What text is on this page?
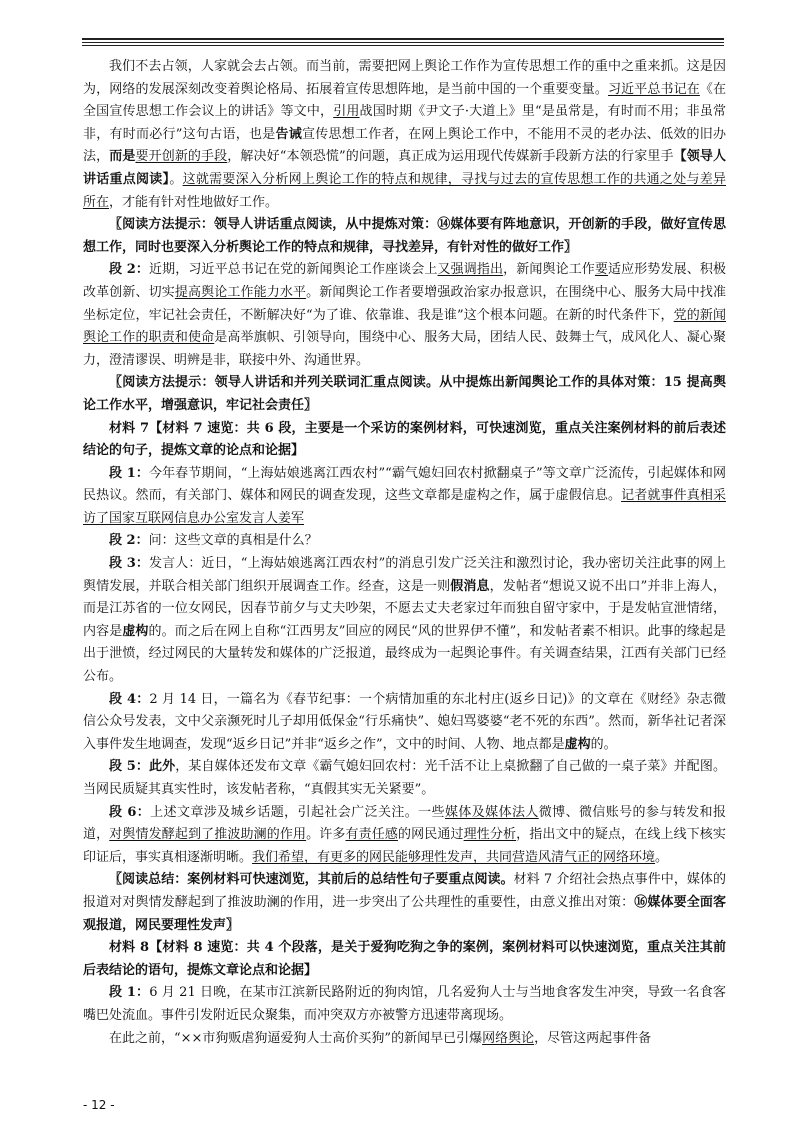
我们不去占领，人家就会去占领。而当前，需要把网上舆论工作作为宣传思想工作的重中之重来抓。这是因为，网络的发展深刻改变着舆论格局、拓展着宣传思想阵地，是当前中国的一个重要变量。习近平总书记在《在全国宣传思想工作会议上的讲话》等文中，引用战国时期《尹文子·大道上》里“是虽常是，有时而不用；非虽常非，有时而必行”这句古语，也是告诫宣传思想工作者，在网上舆论工作中，不能用不灵的老办法、低效的旧办法，而是要开创新的手段，解决好“本领恐慌”的问题，真正成为运用现代传媒新手段新方法的行家里手【领导人讲话重点阅读】。这就需要深入分析网上舆论工作的特点和规律，寻找与过去的宣传思想工作的共通之处与差异所在，才能有针对性地做好工作。

〖阅读方法提示：领导人讲话重点阅读，从中提炼对策：⑭媒体要有阵地意识，开创新的手段，做好宣传思想工作，同时也要深入分析舆论工作的特点和规律，寻找差异，有针对性的做好工作〗

段 2：近期，习近平总书记在党的新闻舆论工作座谈会上又强调指出，新闻舆论工作要适应形势发展、积极改革创新、切实提高舆论工作能力水平。新闻舆论工作者要增强政治家办报意识，在围绕中心、服务大局中找准坐标定位，牢记社会责任，不断解决好“为了谁、依靠谁、我是谁”这个根本问题。在新的时代条件下，党的新闻舆论工作的职责和使命是高举旗帜、引领导向，围绕中心、服务大局，团结人民、鼓舞士气，成风化人、凝心聚力，澄清谬误、明辨是非，联接中外、沟通世界。

〖阅读方法提示：领导人讲话和并列关联词汇重点阅读。从中提炼出新闻舆论工作的具体对策：15 提高舆论工作水平，增强意识，牢记社会责任〗

材料 7【材料 7 速览：共 6 段，主要是一个采访的案例材料，可快速浏览，重点关注案例材料的前后表述结论的句子，提炼文章的论点和论据】

段 1：今年春节期间，“上海姑娘逃离江西农村”“霸气媳妇回农村掀翻桌子”等文章广泛流传，引起媒体和网民热议。然而，有关部门、媒体和网民的调查发现，这些文章都是虚构之作，属于虚假信息。记者就事件真相采访了国家互联网信息办公室发言人姜军

段 2：问：这些文章的真相是什么？

段 3：发言人：近日，“上海姑娘逃离江西农村”的消息引发广泛关注和激烈讨论，我办密切关注此事的网上舆情发展，并联合相关部门组织开展调查工作。经查，这是一则假消息，发帖者“想说又说不出口”并非上海人，而是江苏省的一位女网民，因春节前夕与丈夫吵架，不愿去丈夫老家过年而独自留守家中，于是发帖宣泄情绪，内容是虚构的。而之后在网上自称“江西男友”回应的网民“风的世界伊不懂”，和发帖者素不相识。此事的缘起是出于泄愤，经过网民的大量转发和媒体的广泛报道，最终成为一起舆论事件。有关调查结果，江西有关部门已经公布。

段 4：2 月 14 日，一篇名为《春节纪事：一个病情加重的东北村庄(返乡日记)》的文章在《财经》杂志微信公众号发表，文中父亲濒死时儿子却用低保金“行乐痛快”、媳妇骂婆婆“老不死的东西”。然而，新华社记者深入事件发生地调查，发现“返乡日记”并非“返乡之作”，文中的时间、人物、地点都是虚构的。

段 5：此外，某自媒体还发布文章《霸气媳妇回农村：光千活不让上桌掀翻了自己做的一桌子菜》并配图。当网民质疑其真实性时，该发帖者称，“真假其实无关紧要”。

段 6：上述文章涉及城乡话题，引起社会广泛关注。一些媒体及媒体法人微博、微信账号的参与转发和报道，对舆情发酵起到了推波助澜的作用。许多有责任感的网民通过理性分析，指出文中的疑点，在线上线下核实印证后，事实真相逐渐明晰。我们希望，有更多的网民能够理性发声，共同营造风清气正的网络环境。

〖阅读总结：案例材料可快速浏览，其前后的总结性句子要重点阅读。材料 7 介绍社会热点事件中，媒体的报道对对舆情发酵起到了推波助澜的作用，进一步突出了公共理性的重要性，由意义推出对策：⑯媒体要全面客观报道，网民要理性发声〗

材料 8【材料 8 速览：共 4 个段落，是关于爱狗吃狗之争的案例，案例材料可以快速浏览，重点关注其前后表结论的语句，提炼文章论点和论据】

段 1：6 月 21 日晚，在某市江滨新民路附近的狗肉馆，几名爱狗人士与当地食客发生冲突，导致一名食客嘴巴处流血。事件引发附近民众聚集，而冲突双方亦被警方迅速带离现场。

在此之前，“××市狗贩虐狗逼爱狗人士高价买狗”的新闻早已引爆网络舆论，尽管这两起事件备

- 12 -
